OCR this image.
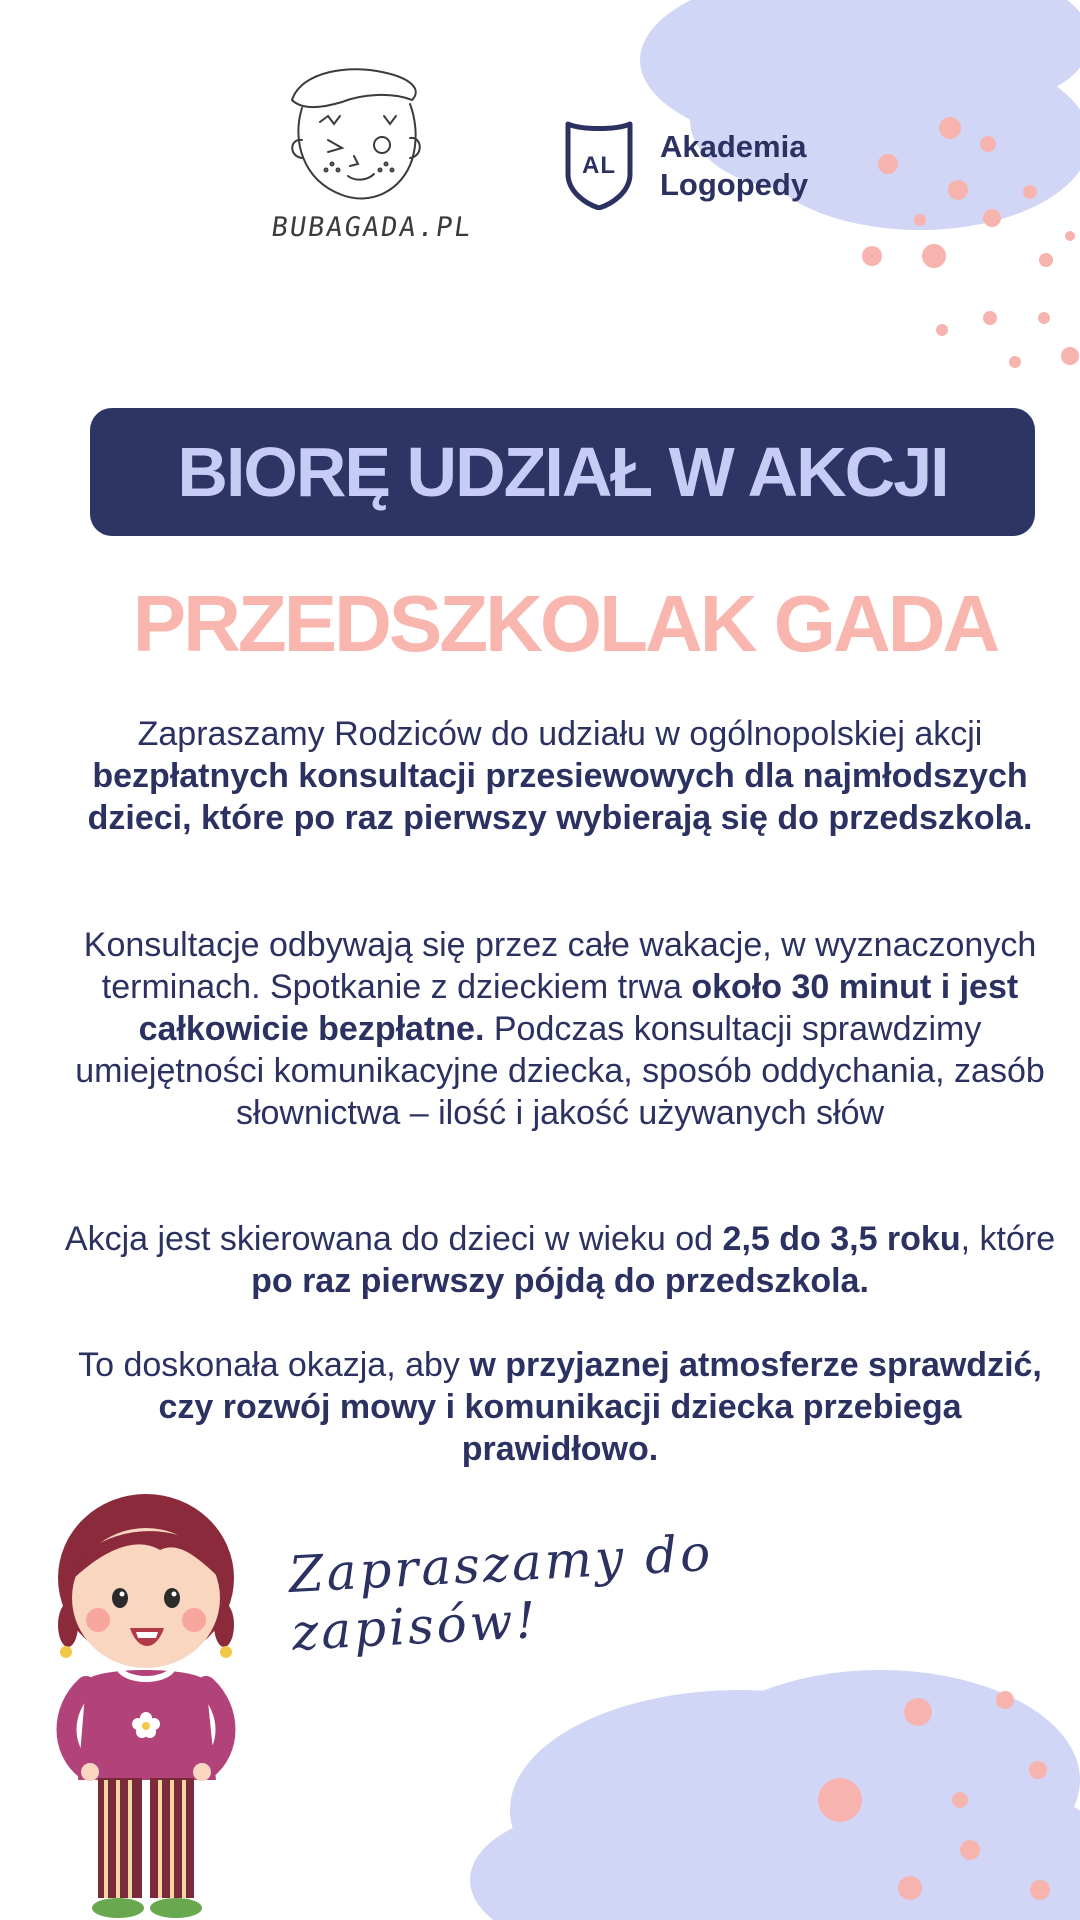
BUBAGADA.PL
AL
Akademia
Logopedy
BIORĘ UDZIAŁ W AKCJI
PRZEDSZKOLAK GADA
Zapraszamy Rodziców do udziału w ogólnopolskiej akcji bezpłatnych konsultacji przesiewowych dla najmłodszych dzieci, które po raz pierwszy wybierają się do przedszkola.
Konsultacje odbywają się przez całe wakacje, w wyznaczonych terminach. Spotkanie z dzieckiem trwa około 30 minut i jest całkowicie bezpłatne. Podczas konsultacji sprawdzimy umiejętności komunikacyjne dziecka, sposób oddychania, zasób słownictwa – ilość i jakość używanych słów
Akcja jest skierowana do dzieci w wieku od 2,5 do 3,5 roku, które po raz pierwszy pójdą do przedszkola.
To doskonała okazja, aby w przyjaznej atmosferze sprawdzić, czy rozwój mowy i komunikacji dziecka przebiega prawidłowo.
Zapraszamy do zapisów!
